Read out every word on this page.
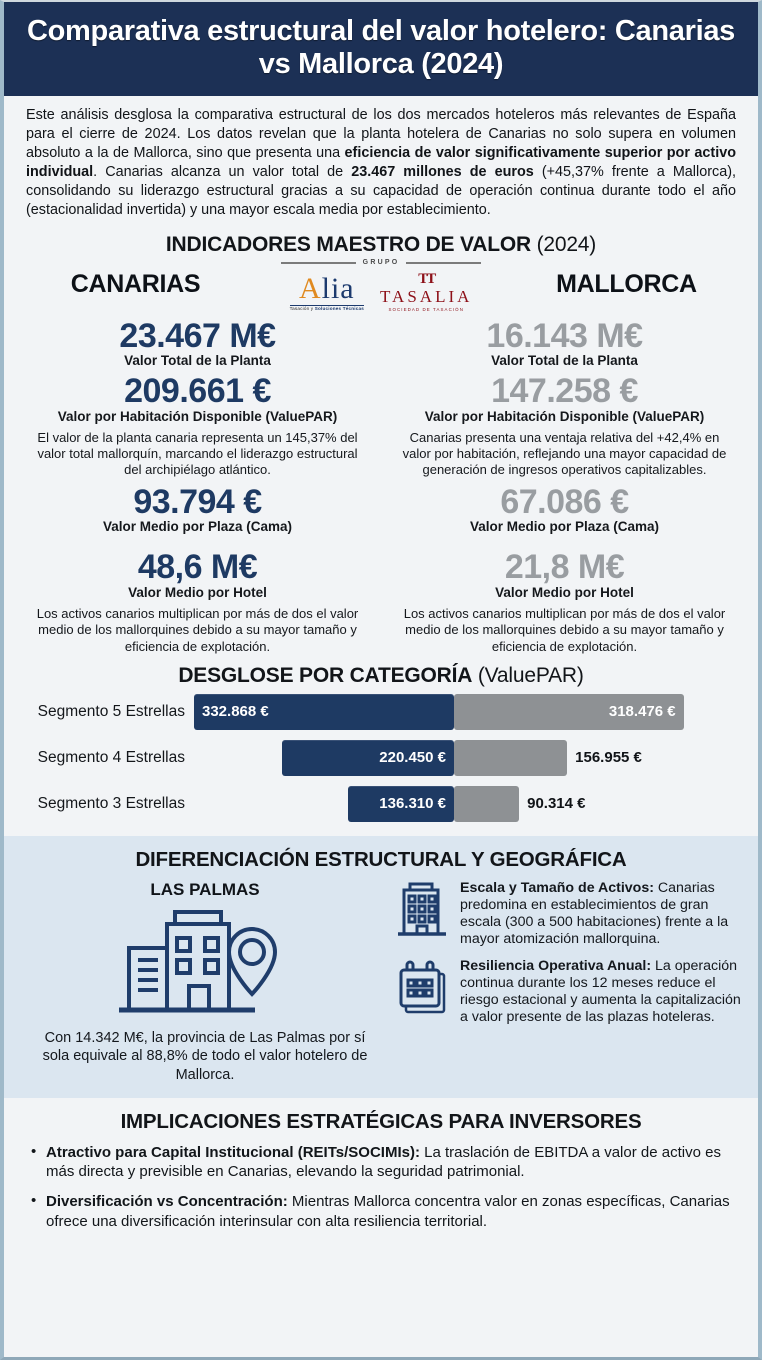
Comparativa estructural del valor hotelero: Canarias vs Mallorca (2024)
Este análisis desglosa la comparativa estructural de los dos mercados hoteleros más relevantes de España para el cierre de 2024. Los datos revelan que la planta hotelera de Canarias no solo supera en volumen absoluto a la de Mallorca, sino que presenta una eficiencia de valor significativamente superior por activo individual. Canarias alcanza un valor total de 23.467 millones de euros (+45,37% frente a Mallorca), consolidando su liderazgo estructural gracias a su capacidad de operación continua durante todo el año (estacionalidad invertida) y una mayor escala media por establecimiento.
INDICADORES MAESTRO DE VALOR (2024)
GRUPO
CANARIAS	Alia
Tasación y Soluciones Técnicas
TT
TASALIA
SOCIEDAD DE TASACIÓN
MALLORCA
23.467 M€
Valor Total de la Planta
209.661 €
Valor por Habitación Disponible (ValuePAR)
El valor de la planta canaria representa un 145,37% del valor total mallorquín, marcando el liderazgo estructural del archipiélago atlántico.
93.794 €
Valor Medio por Plaza (Cama)
48,6 M€
Valor Medio por Hotel
Los activos canarios multiplican por más de dos el valor medio de los mallorquines debido a su mayor tamaño y eficiencia de explotación.
16.143 M€
Valor Total de la Planta
147.258 €
Valor por Habitación Disponible (ValuePAR)
Canarias presenta una ventaja relativa del +42,4% en valor por habitación, reflejando una mayor capacidad de generación de ingresos operativos capitalizables.
67.086 €
Valor Medio por Plaza (Cama)
21,8 M€
Valor Medio por Hotel
Los activos canarios multiplican por más de dos el valor medio de los mallorquines debido a su mayor tamaño y eficiencia de explotación.
DESGLOSE POR CATEGORÍA (ValuePAR)
Segmento 5 Estrellas	332.868 €	318.476 €
Segmento 4 Estrellas	220.450 €	156.955 €
Segmento 3 Estrellas	136.310 €	90.314 €
DIFERENCIACIÓN ESTRUCTURAL Y GEOGRÁFICA
LAS PALMAS
Con 14.342 M€, la provincia de Las Palmas por sí sola equivale al 88,8% de todo el valor hotelero de Mallorca.
Escala y Tamaño de Activos: Canarias predomina en establecimientos de gran escala (300 a 500 habitaciones) frente a la mayor atomización mallorquina.
Resiliencia Operativa Anual: La operación continua durante los 12 meses reduce el riesgo estacional y aumenta la capitalización a valor presente de las plazas hoteleras.
IMPLICACIONES ESTRATÉGICAS PARA INVERSORES
• Atractivo para Capital Institucional (REITs/SOCIMIs): La traslación de EBITDA a valor de activo es más directa y previsible en Canarias, elevando la seguridad patrimonial.
• Diversificación vs Concentración: Mientras Mallorca concentra valor en zonas específicas, Canarias ofrece una diversificación interinsular con alta resiliencia territorial.
